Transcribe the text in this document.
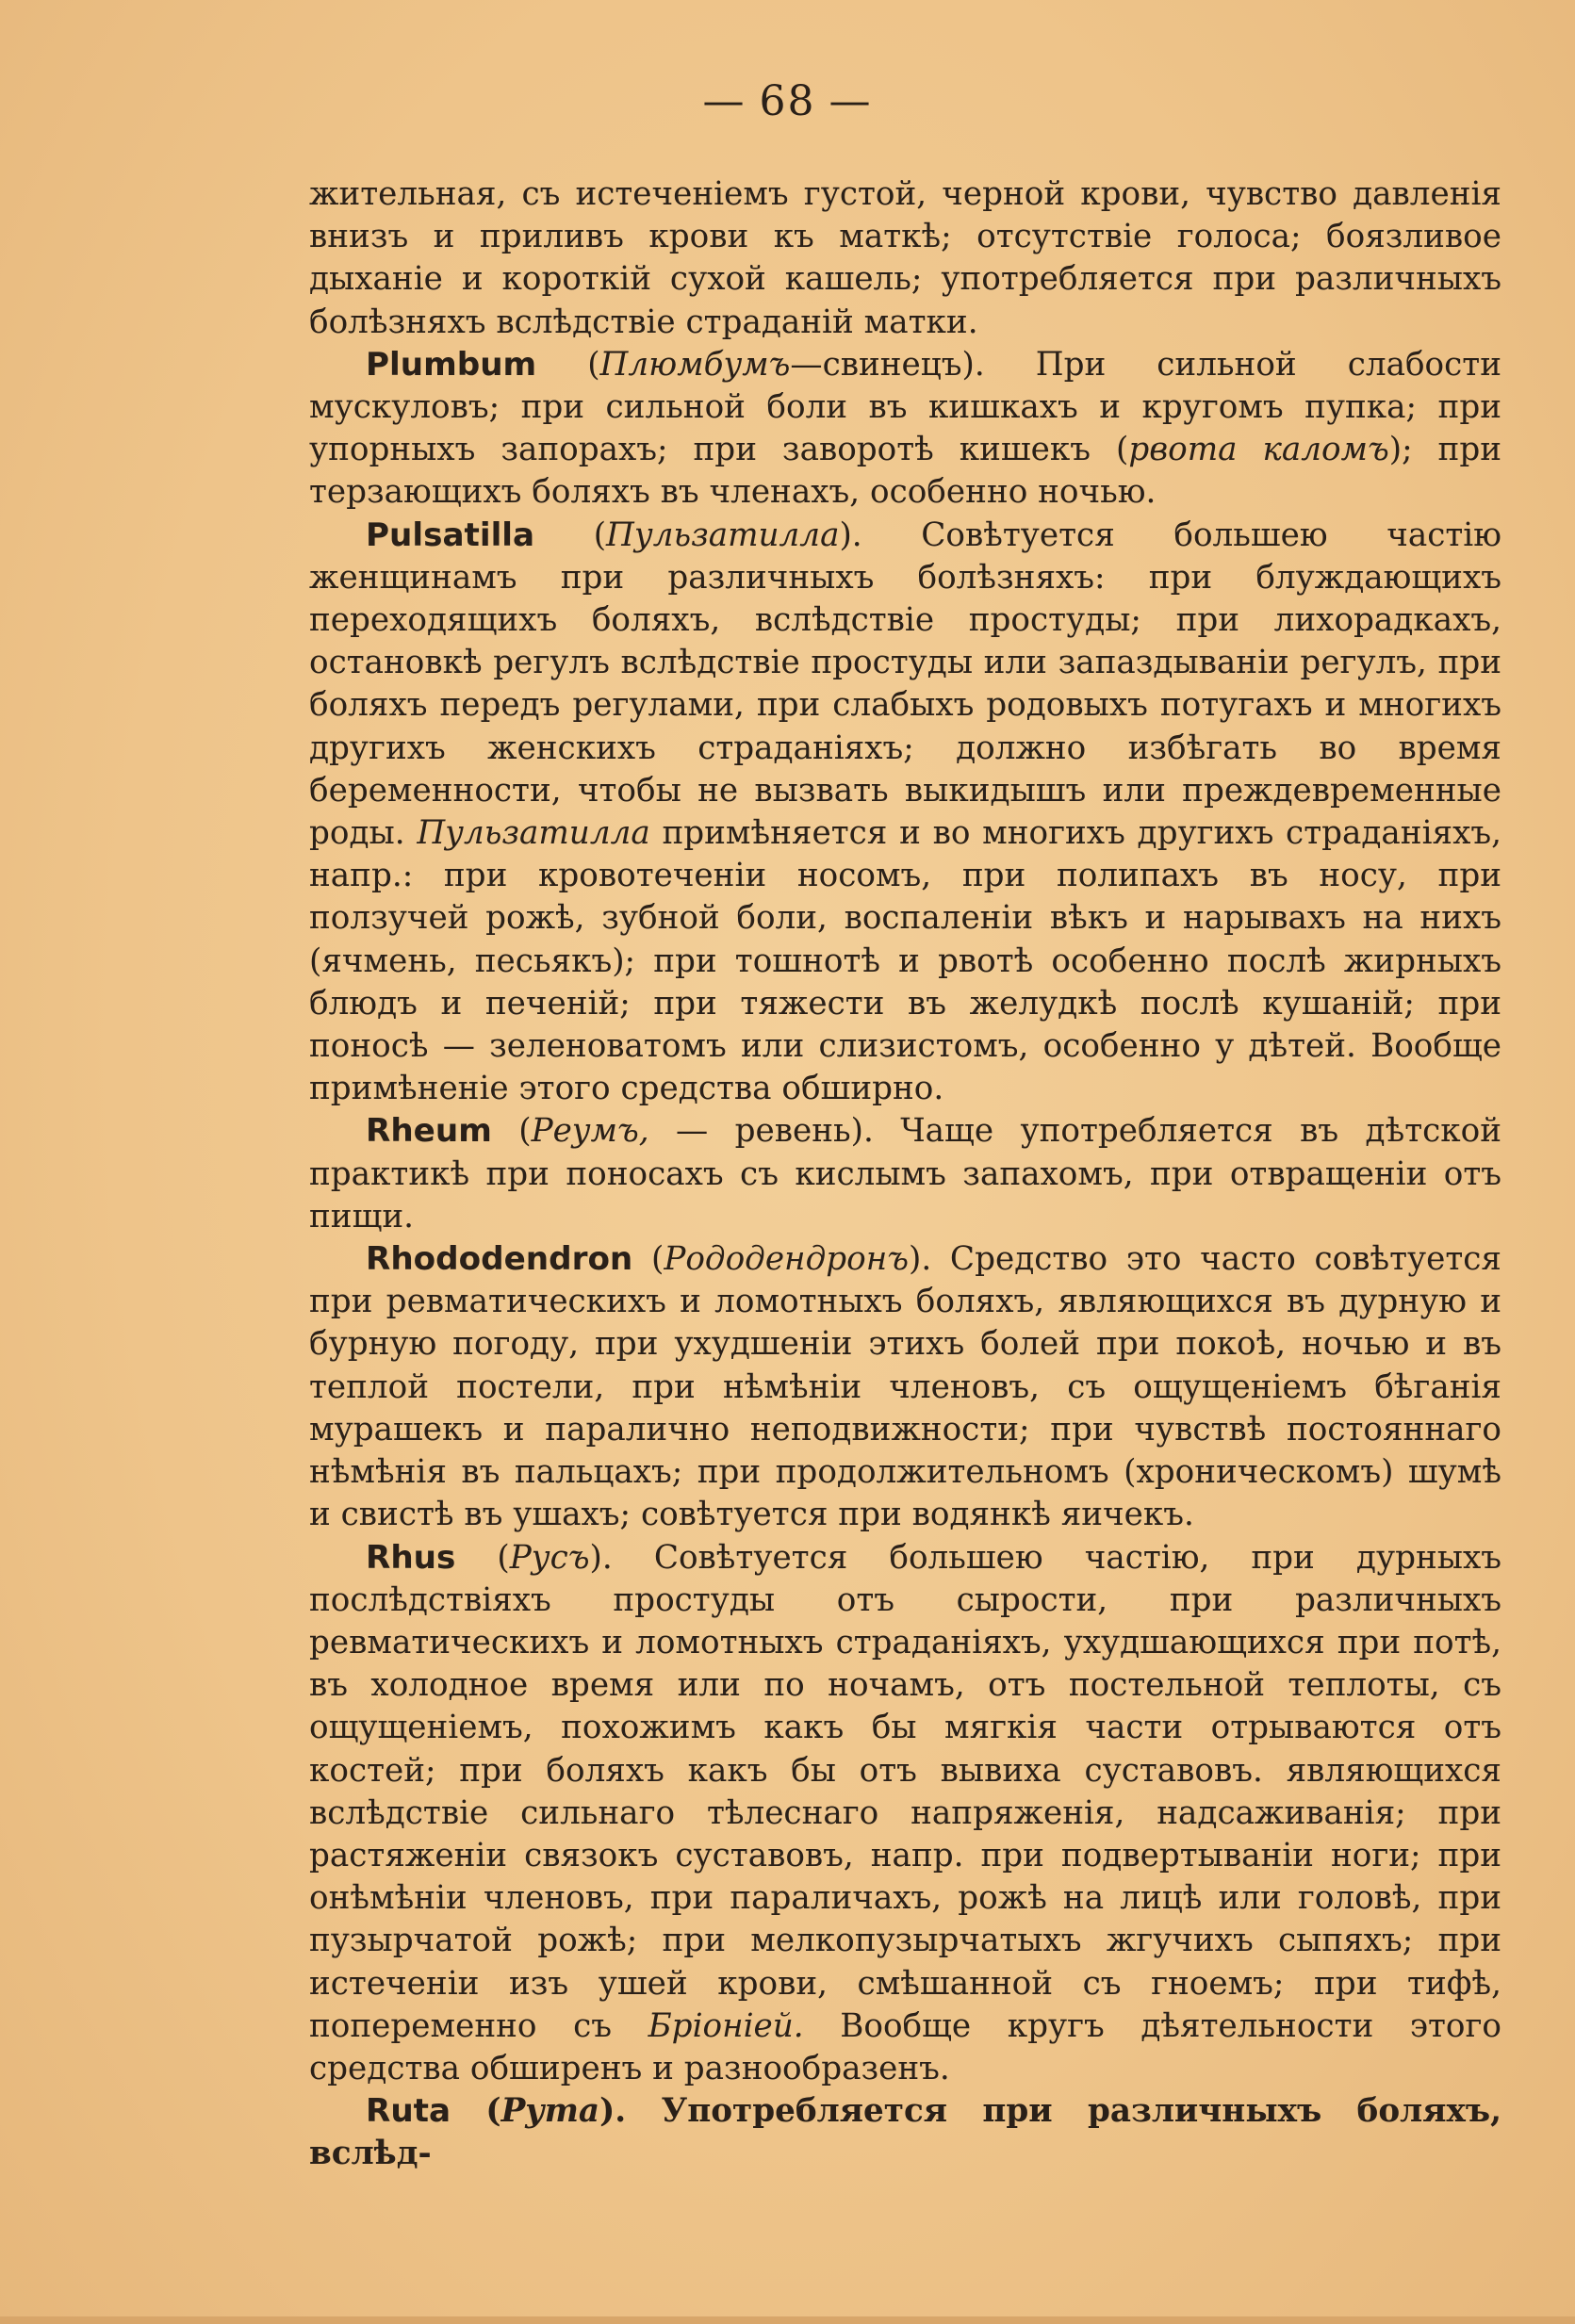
— 68 —

жительная, съ истеченіемъ густой, черной крови, чувство давленія внизъ и приливъ крови къ маткѣ; отсутствіе голоса; боязливое дыханіе и короткій сухой кашель; употребляется при различныхъ болѣзняхъ вслѣдствіе страданій матки.

Plumbum (Плюмбумъ—свинецъ). При сильной слабости мускуловъ; при сильной боли въ кишкахъ и кругомъ пупка; при упорныхъ запорахъ; при заворотѣ кишекъ (рвота каломъ); при терзающихъ боляхъ въ членахъ, особенно ночью.

Pulsatilla (Пульзатилла). Совѣтуется большею частію женщинамъ при различныхъ болѣзняхъ: при блуждающихъ переходящихъ боляхъ, вслѣдствіе простуды; при лихорадкахъ, остановкѣ регулъ вслѣдствіе простуды или запаздываніи регулъ, при боляхъ передъ регулами, при слабыхъ родовыхъ потугахъ и многихъ другихъ женскихъ страданіяхъ; должно избѣгать во время беременности, чтобы не вызвать выкидышъ или преждевременные роды. Пульзатилла примѣняется и во многихъ другихъ страданіяхъ, напр.: при кровотеченіи носомъ, при полипахъ въ носу, при ползучей рожѣ, зубной боли, воспаленіи вѣкъ и нарывахъ на нихъ (ячмень, песьякъ); при тошнотѣ и рвотѣ особенно послѣ жирныхъ блюдъ и печеній; при тяжести въ желудкѣ послѣ кушаній; при поносѣ — зеленоватомъ или слизистомъ, особенно у дѣтей. Вообще примѣненіе этого средства обширно.

Rheum (Реумъ, — ревень). Чаще употребляется въ дѣтской практикѣ при поносахъ съ кислымъ запахомъ, при отвращеніи отъ пищи.

Rhododendron (Рододендронъ). Средство это часто совѣтуется при ревматическихъ и ломотныхъ боляхъ, являющихся въ дурную и бурную погоду, при ухудшеніи этихъ болей при покоѣ, ночью и въ теплой постели, при нѣмѣніи членовъ, съ ощущеніемъ бѣганія мурашекъ и паралично неподвижности; при чувствѣ постояннаго нѣмѣнія въ пальцахъ; при продолжительномъ (хроническомъ) шумѣ и свистѣ въ ушахъ; совѣтуется при водянкѣ яичекъ.

Rhus (Русъ). Совѣтуется большею частію, при дурныхъ послѣдствіяхъ простуды отъ сырости, при различныхъ ревматическихъ и ломотныхъ страданіяхъ, ухудшающихся при потѣ, въ холодное время или по ночамъ, отъ постельной теплоты, съ ощущеніемъ, похожимъ какъ бы мягкія части отрываются отъ костей; при боляхъ какъ бы отъ вывиха суставовъ. являющихся вслѣдствіе сильнаго тѣлеснаго напряженія, надсаживанія; при растяженіи связокъ суставовъ, напр. при подвертываніи ноги; при онѣмѣніи членовъ, при параличахъ, рожѣ на лицѣ или головѣ, при пузырчатой рожѣ; при мелкопузырчатыхъ жгучихъ сыпяхъ; при истеченіи изъ ушей крови, смѣшанной съ гноемъ; при тифѣ, попеременно съ Бріоніей. Вообще кругъ дѣятельности этого средства обширенъ и разнообразенъ.

Ruta (Рута). Употребляется при различныхъ боляхъ, вслѣд-
